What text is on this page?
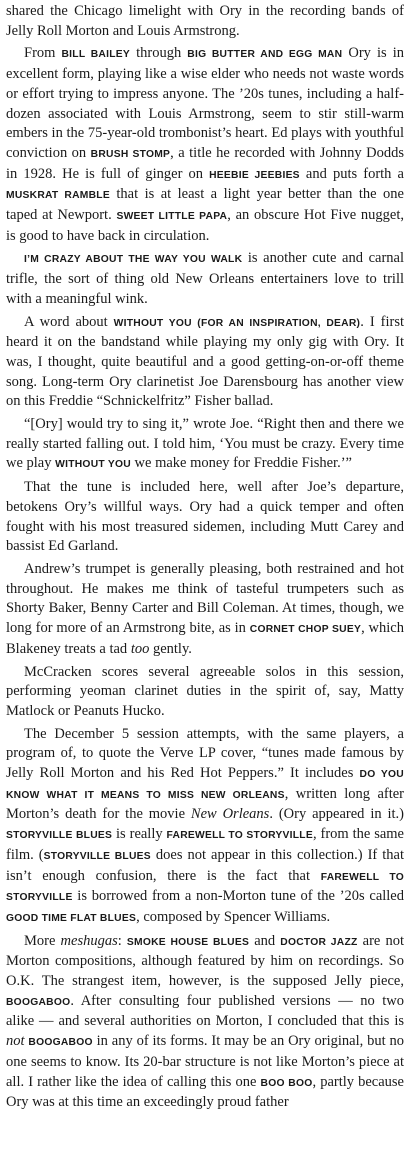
shared the Chicago limelight with Ory in the recording bands of Jelly Roll Morton and Louis Armstrong.

From BILL BAILEY through BIG BUTTER AND EGG MAN Ory is in excellent form, playing like a wise elder who needs not waste words or effort trying to impress anyone. The ’20s tunes, including a half-dozen associated with Louis Armstrong, seem to stir still-warm embers in the 75-year-old trombonist’s heart. Ed plays with youthful conviction on BRUSH STOMP, a title he recorded with Johnny Dodds in 1928. He is full of ginger on HEEBIE JEEBIES and puts forth a MUSKRAT RAMBLE that is at least a light year better than the one taped at Newport. SWEET LITTLE PAPA, an obscure Hot Five nugget, is good to have back in circulation.

I’M CRAZY ABOUT THE WAY YOU WALK is another cute and carnal trifle, the sort of thing old New Orleans entertainers love to trill with a meaningful wink.

A word about WITHOUT YOU (FOR AN INSPIRATION, DEAR). I first heard it on the bandstand while playing my only gig with Ory. It was, I thought, quite beautiful and a good getting-on-or-off theme song. Long-term Ory clarinetist Joe Darensbourg has another view on this Freddie “Schnickelfritz” Fisher ballad.

“[Ory] would try to sing it,” wrote Joe. “Right then and there we really started falling out. I told him, ‘You must be crazy. Every time we play WITHOUT YOU we make money for Freddie Fisher.’”

That the tune is included here, well after Joe’s departure, betokens Ory’s willful ways. Ory had a quick temper and often fought with his most treasured sidemen, including Mutt Carey and bassist Ed Garland.

Andrew’s trumpet is generally pleasing, both restrained and hot throughout. He makes me think of tasteful trumpeters such as Shorty Baker, Benny Carter and Bill Coleman. At times, though, we long for more of an Armstrong bite, as in CORNET CHOP SUEY, which Blakeney treats a tad too gently.

McCracken scores several agreeable solos in this session, performing yeoman clarinet duties in the spirit of, say, Matty Matlock or Peanuts Hucko.

The December 5 session attempts, with the same players, a program of, to quote the Verve LP cover, “tunes made famous by Jelly Roll Morton and his Red Hot Peppers.” It includes DO YOU KNOW WHAT IT MEANS TO MISS NEW ORLEANS, written long after Morton’s death for the movie New Orleans. (Ory appeared in it.) STORYVILLE BLUES is really FAREWELL TO STORYVILLE, from the same film. (STORYVILLE BLUES does not appear in this collection.) If that isn’t enough confusion, there is the fact that FAREWELL TO STORYVILLE is borrowed from a non-Morton tune of the ’20s called GOOD TIME FLAT BLUES, composed by Spencer Williams.

More meshugas: SMOKE HOUSE BLUES and DOCTOR JAZZ are not Morton compositions, although featured by him on recordings. So O.K. The strangest item, however, is the supposed Jelly piece, BOOGABOO. After consulting four published versions — no two alike — and several authorities on Morton, I concluded that this is not BOOGABOO in any of its forms. It may be an Ory original, but no one seems to know. Its 20-bar structure is not like Morton’s piece at all. I rather like the idea of calling this one BOO BOO, partly because Ory was at this time an exceedingly proud father
